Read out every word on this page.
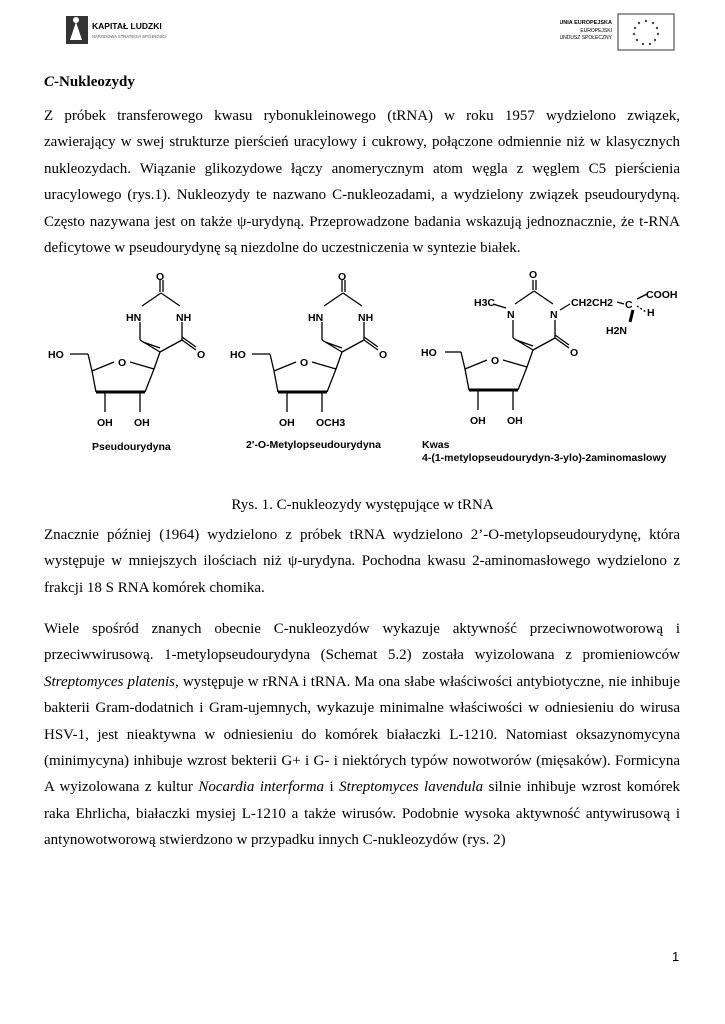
KAPITAŁ LUDZKI
NARODOWA STRATEGIA SPÓJNOŚCI
UNIA EUROPEJSKA
EUROPEJSKI
FUNDUSZ SPOŁECZNY
C-Nukleozydy
Z próbek transferowego kwasu rybonukleinowego (tRNA) w roku 1957 wydzielono związek, zawierający w swej strukturze pierścień uracylowy i cukrowy, połączone odmiennie niż w klasycznych nukleozydach. Wiązanie glikozydowe łączy anomerycznym atom węgla z węglem C5 pierścienia uracylowego (rys.1). Nukleozydy te nazwano C-nukleozadami, a wydzielony związek pseudourydyną. Często nazywana jest on także ψ-urydyną. Przeprowadzone badania wskazują jednoznacznie, że t-RNA deficytowe w pseudourydynę są niezdolne do uczestniczenia w syntezie białek.
O
HN	NH
O
HO
O
OH OH
Pseudourydyna
O
HN	NH
O
HO
O
OH OCH3
2'-O-Metylopseudourydyna
O
H3C
N	N
CH2CH2 C
COOH
H
H2N
O
HO
O
OH OH
Kwas
4-(1-metylopseudourydyn-3-ylo)-2aminomaslowy
Rys. 1. C-nukleozydy występujące w tRNA
Znacznie później (1964) wydzielono z próbek tRNA wydzielono 2’-O-metylopseudourydynę, która występuje w mniejszych ilościach niż ψ-urydyna. Pochodna kwasu 2-aminomasłowego wydzielono z frakcji 18 S RNA komórek chomika.
Wiele spośród znanych obecnie C-nukleozydów wykazuje aktywność przeciwnowotworową i przeciwwirusową. 1-metylopseudourydyna (Schemat 5.2) została wyizolowana z promieniowców Streptomyces platenis, występuje w rRNA i tRNA. Ma ona słabe właściwości antybiotyczne, nie inhibuje bakterii Gram-dodatnich i Gram-ujemnych, wykazuje minimalne właściwości w odniesieniu do wirusa HSV-1, jest nieaktywna w odniesieniu do komórek białaczki L-1210. Natomiast oksazynomycyna (minimycyna) inhibuje wzrost bekterii G+ i G- i niektórych typów nowotworów (mięsaków). Formicyna A wyizolowana z kultur Nocardia interforma i Streptomyces lavendula silnie inhibuje wzrost komórek raka Ehrlicha, białaczki mysiej L-1210 a także wirusów. Podobnie wysoka aktywność antywirusową i antynowotworową stwierdzono w przypadku innych C-nukleozydów (rys. 2)
1
